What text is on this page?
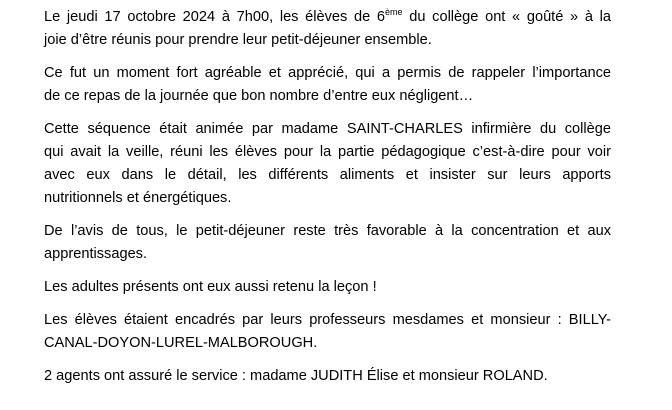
Le jeudi 17 octobre 2024 à 7h00, les élèves de 6ème du collège ont « goûté » à la
joie d’être réunis pour prendre leur petit-déjeuner ensemble.

Ce fut un moment fort agréable et apprécié, qui a permis de rappeler l’importance
de ce repas de la journée que bon nombre d’entre eux négligent…

Cette séquence était animée par madame SAINT-CHARLES infirmière du collège
qui avait la veille, réuni les élèves pour la partie pédagogique c’est-à-dire pour voir
avec eux dans le détail, les différents aliments et insister sur leurs apports
nutritionnels et énergétiques.

De l’avis de tous, le petit-déjeuner reste très favorable à la concentration et aux
apprentissages.

Les adultes présents ont eux aussi retenu la leçon !

Les élèves étaient encadrés par leurs professeurs mesdames et monsieur : BILLY-
CANAL-DOYON-LUREL-MALBOROUGH.

2 agents ont assuré le service : madame JUDITH Élise et monsieur ROLAND.
